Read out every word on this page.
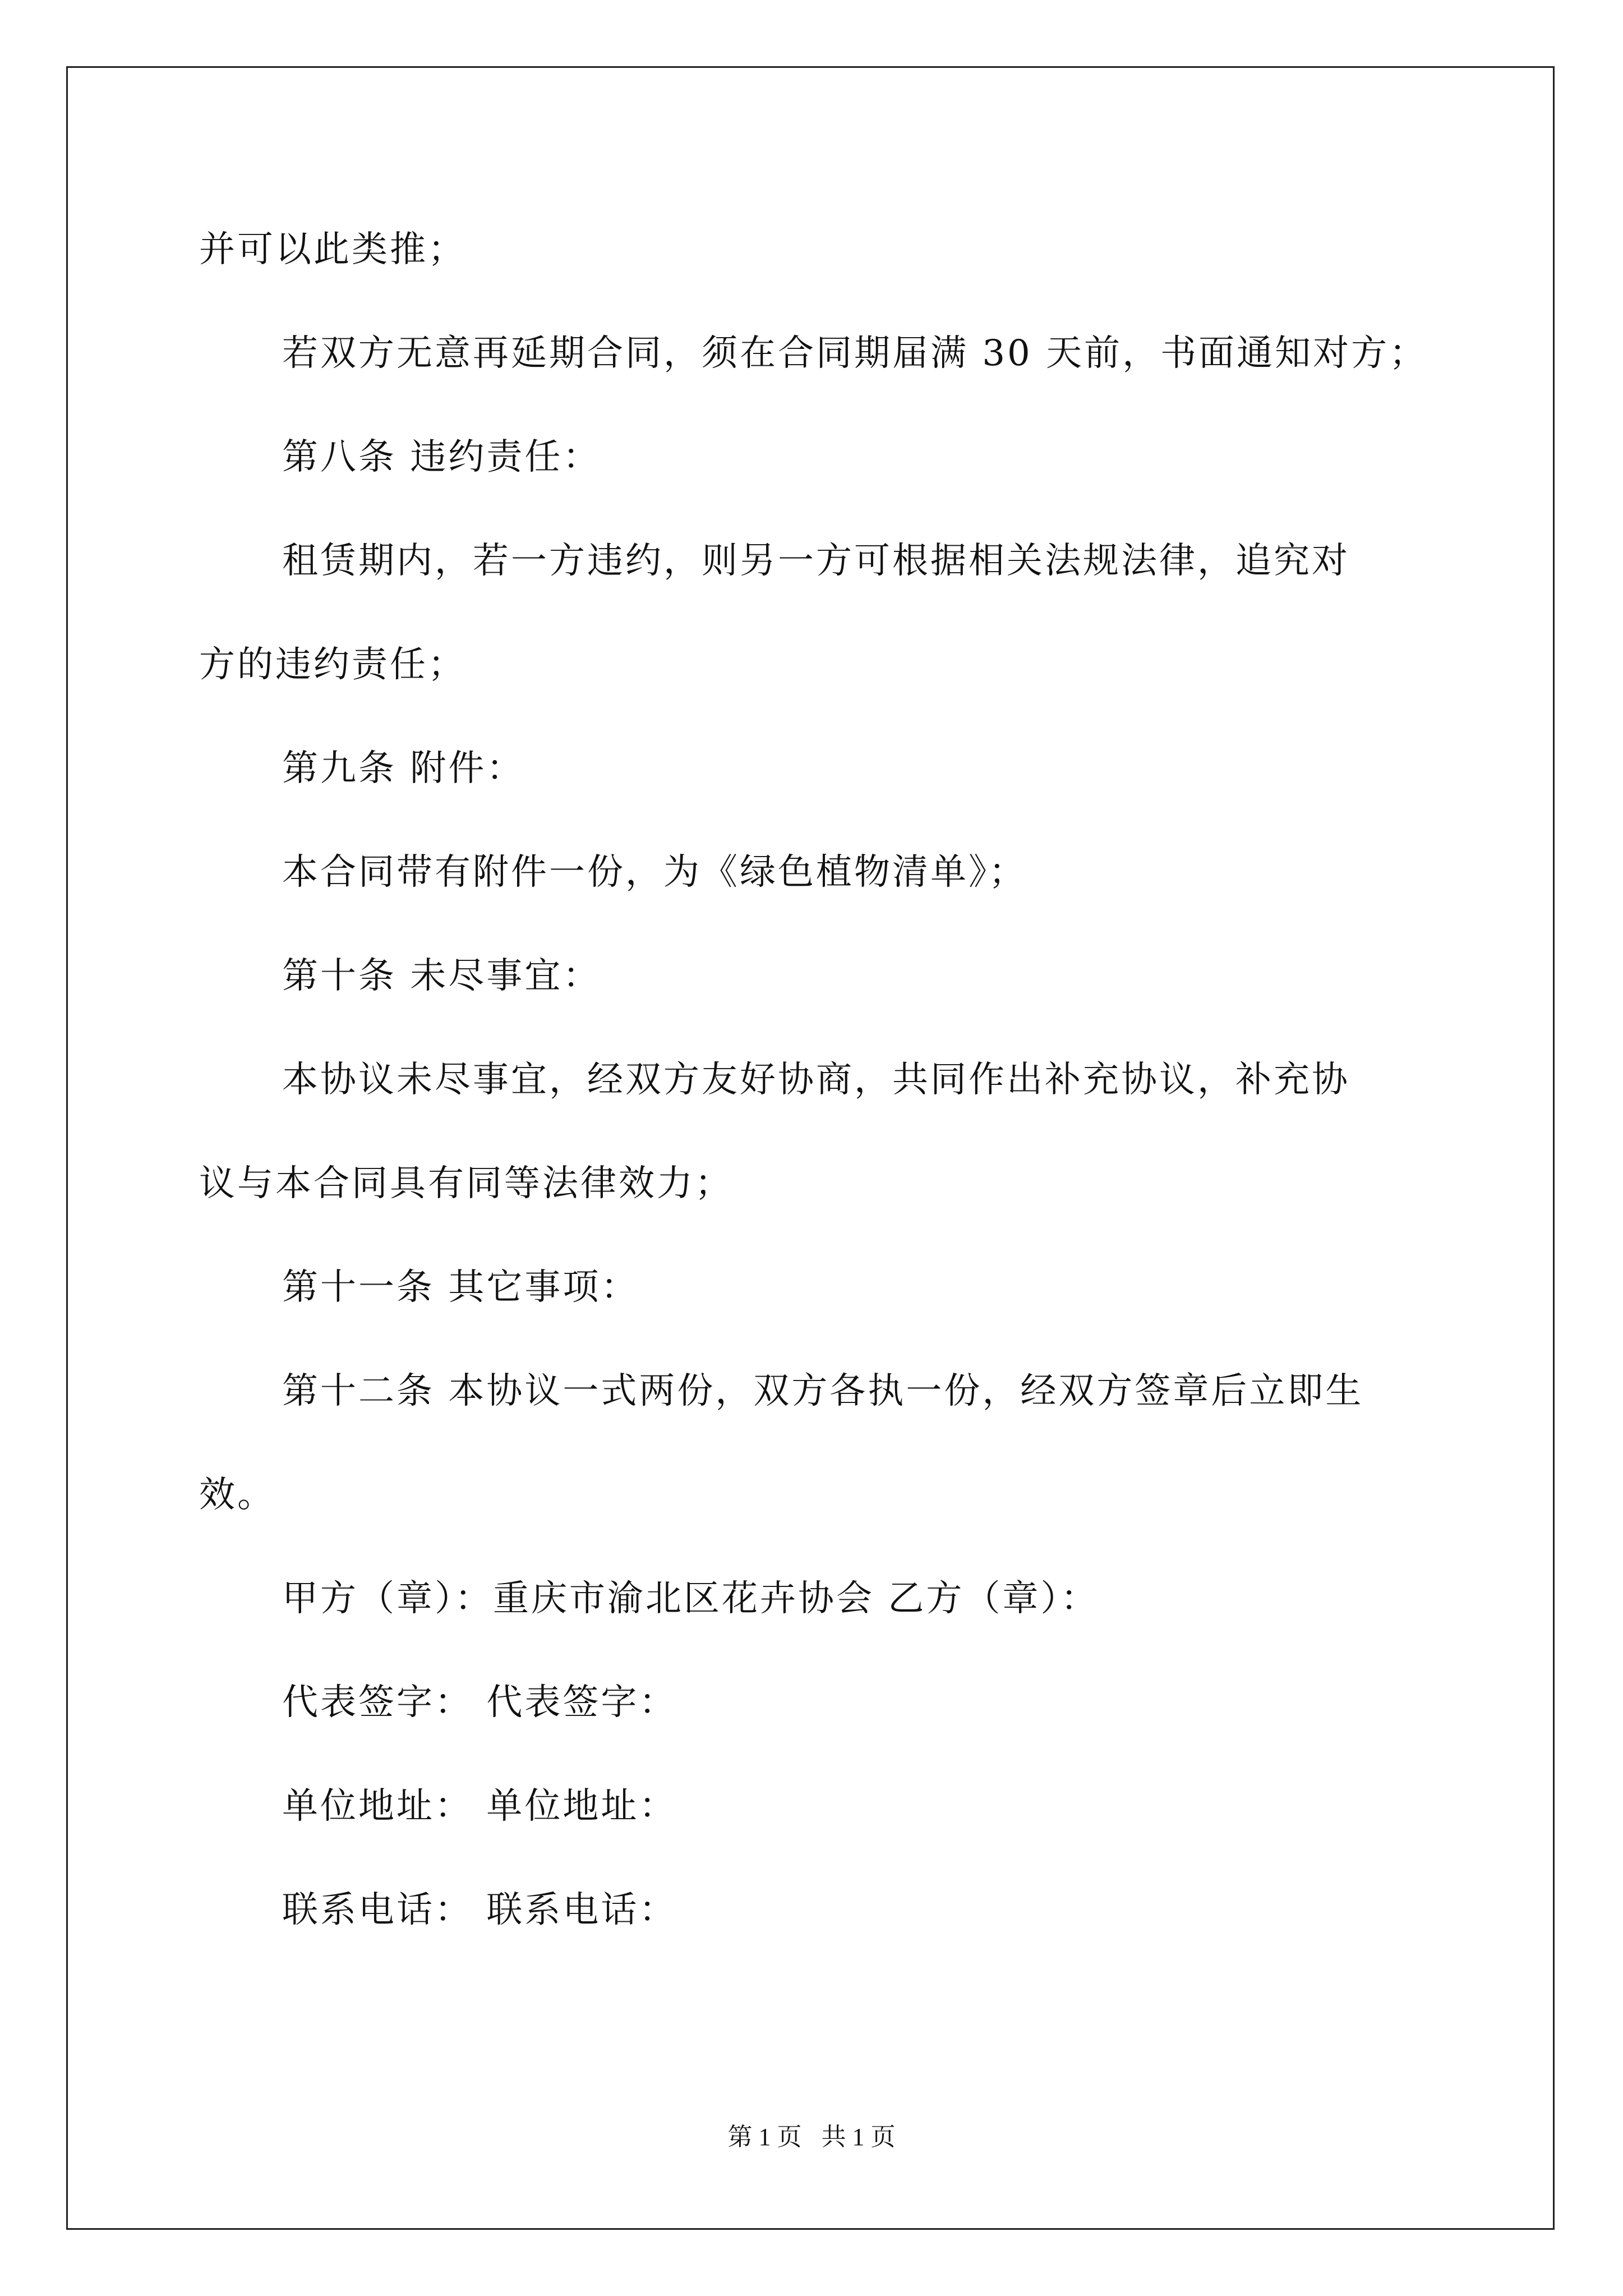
并可以此类推；
若双方无意再延期合同，须在合同期届满 30 天前，书面通知对方；
第八条 违约责任：
租赁期内，若一方违约，则另一方可根据相关法规法律，追究对
方的违约责任；
第九条 附件：
本合同带有附件一份，为《绿色植物清单》；
第十条 未尽事宜：
本协议未尽事宜，经双方友好协商，共同作出补充协议，补充协
议与本合同具有同等法律效力；
第十一条 其它事项：
第十二条 本协议一式两份，双方各执一份，经双方签章后立即生
效。
甲方（章）：重庆市渝北区花卉协会 乙方（章）：
代表签字： 代表签字：
单位地址： 单位地址：
联系电话： 联系电话：
第 1 页 共 1 页
